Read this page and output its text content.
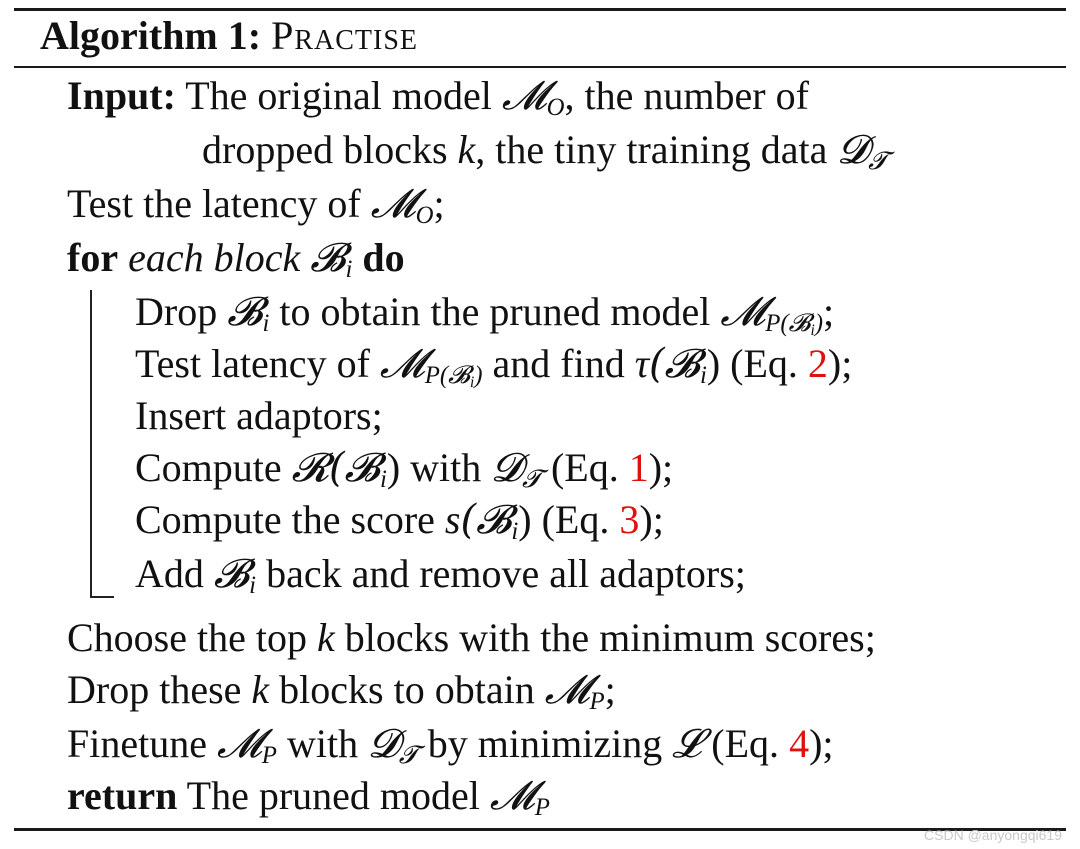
Algorithm 1: Practise
Input: The original model 𝓜$_O$, the number of
dropped blocks k, the tiny training data 𝓓$_𝓣$
Test the latency of 𝓜$_O$;
for each block 𝓑$_i$ do
Drop 𝓑$_i$ to obtain the pruned model 𝓜$_{P(𝓑_i)}$;
Test latency of 𝓜$_{P(𝓑_i)}$ and find τ(𝓑$_i$) (Eq. 2);
Insert adaptors;
Compute 𝓡(𝓑$_i$) with 𝓓$_𝓣$ (Eq. 1);
Compute the score s(𝓑$_i$) (Eq. 3);
Add 𝓑$_i$ back and remove all adaptors;
Choose the top k blocks with the minimum scores;
Drop these k blocks to obtain 𝓜$_P$;
Finetune 𝓜$_P$ with 𝓓$_𝓣$ by minimizing 𝓛 (Eq. 4);
return The pruned model 𝓜$_P$
CSDN @anyongqi619
